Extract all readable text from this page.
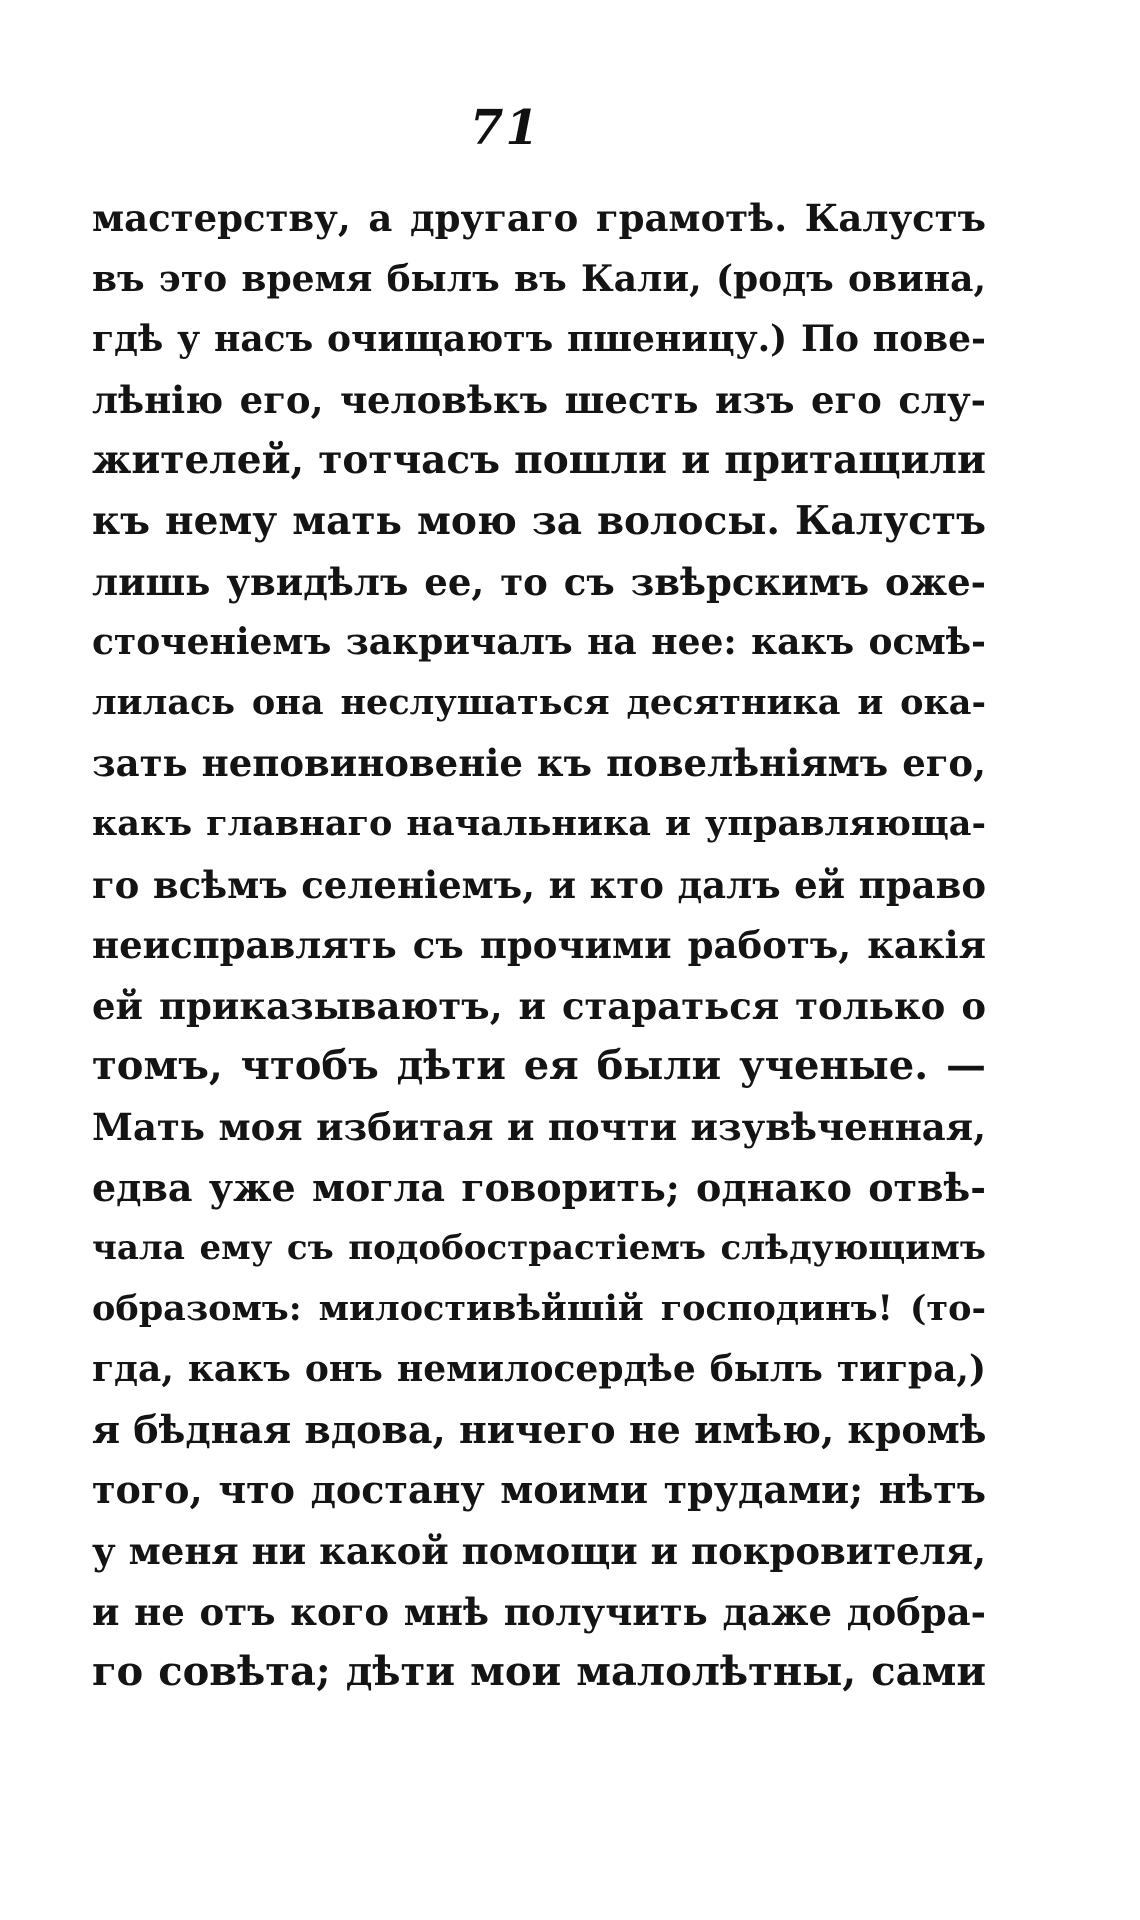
71
мастерству, а другаго грамотѣ. Калустъ
въ это время былъ въ Кали, (родъ овина,
гдѣ у насъ очищаютъ пшеницу.) По пове-
лѣнію его, человѣкъ шесть изъ его слу-
жителей, тотчасъ пошли и притащили
къ нему мать мою за волосы. Калустъ
лишь увидѣлъ ее, то съ звѣрскимъ оже-
сточеніемъ закричалъ на нее: какъ осмѣ-
лилась она неслушаться десятника и ока-
зать неповиновеніе къ повелѣніямъ его,
какъ главнаго начальника и управляюща-
го всѣмъ селеніемъ, и кто далъ ей право
неисправлять съ прочими работъ, какія
ей приказываютъ, и стараться только о
томъ, чтобъ дѣти ея были ученые. —
Мать моя избитая и почти изувѣченная,
едва уже могла говорить; однако отвѣ-
чала ему съ подобострастіемъ слѣдующимъ
образомъ: милостивѣйшій господинъ! (то-
гда, какъ онъ немилосердѣе былъ тигра,)
я бѣдная вдова, ничего не имѣю, кромѣ
того, что достану моими трудами; нѣтъ
у меня ни какой помощи и покровителя,
и не отъ кого мнѣ получить даже добра-
го совѣта; дѣти мои малолѣтны, сами
